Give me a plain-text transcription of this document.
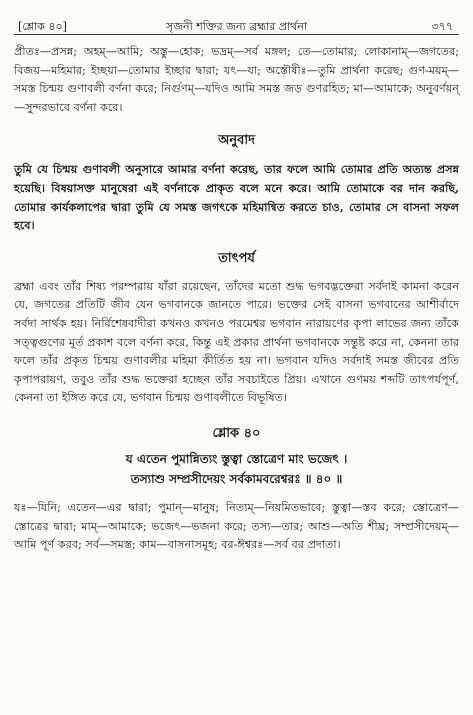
[শ্লোক ৪০]	সৃজনী শক্তির জন্য ব্রহ্মার প্রার্থনা	৩৭৭

প্রীতঃ—প্রসন্ন; অহম্—আমি; অস্তু—হোক; ভদ্রম্—সর্ব মঙ্গল; তে—তোমার; লোকানাম্—জগতের; বিজয়—মহিমার; ইচ্ছয়া—তোমার ইচ্ছার দ্বারা; যৎ—যা; অস্তৌষীঃ—তুমি প্রার্থনা করেছ; গুণ-ময়ম্—সমস্ত চিন্ময় গুণাবলী বর্ণনা করে; নির্গুণম্—যদিও আমি সমস্ত জড় গুণরহিত; মা—আমাকে; অনুবর্ণয়ন্—সুন্দরভাবে বর্ণনা করে।

অনুবাদ

তুমি যে চিন্ময় গুণাবলী অনুসারে আমার বর্ণনা করেছ, তার ফলে আমি তোমার প্রতি অত্যন্ত প্রসন্ন হয়েছি। বিষয়াসক্ত মানুষেরা এই বর্ণনাকে প্রাকৃত বলে মনে করে। আমি তোমাকে বর দান করছি, তোমার কার্যকলাপের দ্বারা তুমি যে সমস্ত জগৎকে মহিমান্বিত করতে চাও, তোমার সে বাসনা সফল হবে।

তাৎপর্য

ব্রহ্মা এবং তাঁর শিষ্য পরম্পরায় যাঁরা রয়েছেন, তাঁদের মতো শুদ্ধ ভগবদ্ভক্তেরা সর্বদাই কামনা করেন যে, জগতের প্রতিটি জীব যেন ভগবানকে জানতে পারে। ভক্তের সেই বাসনা ভগবানের আশীর্বাদে সর্বদা সার্থক হয়। নির্বিশেষবাদীরা কখনও কখনও পরমেশ্বর ভগবান নারায়ণের কৃপা লাভের জন্য তাঁকে সত্ত্বগুণের মূর্ত প্রকাশ বলে বর্ণনা করে, কিন্তু এই প্রকার প্রার্থনা ভগবানকে সন্তুষ্ট করে না, কেননা তার ফলে তাঁর প্রকৃত চিন্ময় গুণাবলীর মহিমা কীর্তিত হয় না। ভগবান যদিও সর্বদাই সমস্ত জীবের প্রতি কৃপাপরায়ণ, তবুও তাঁর শুদ্ধ ভক্তেরা হচ্ছেন তাঁর সবচাইতে প্রিয়। এখানে গুণময় শব্দটি তাৎপর্যপূর্ণ, কেননা তা ইঙ্গিত করে যে, ভগবান চিন্ময় গুণাবলীতে বিভূষিত।

শ্লোক ৪০
য এতেন পুমান্নিত্যং স্তুত্বা স্তোত্রেণ মাং ভজেৎ ।
তস্যাশু সম্প্রসীদেয়ং সর্বকামবরেশ্বরঃ ॥ ৪০ ॥

যঃ—যিনি; এতেন—এর দ্বারা; পুমান্—মানুষ; নিত্যম্—নিয়মিতভাবে; স্তুত্বা—স্তব করে; স্তোত্রেণ—স্তোত্রের দ্বারা; মাম্—আমাকে; ভজেৎ—ভজনা করে; তস্য—তার; আশু—অতি শীঘ্র; সম্প্রসীদেয়ম্—আমি পূর্ণ করব; সর্ব—সমস্ত; কাম—বাসনাসমূহ; বর-ঈশ্বরঃ—সর্ব বর প্রদাতা।
